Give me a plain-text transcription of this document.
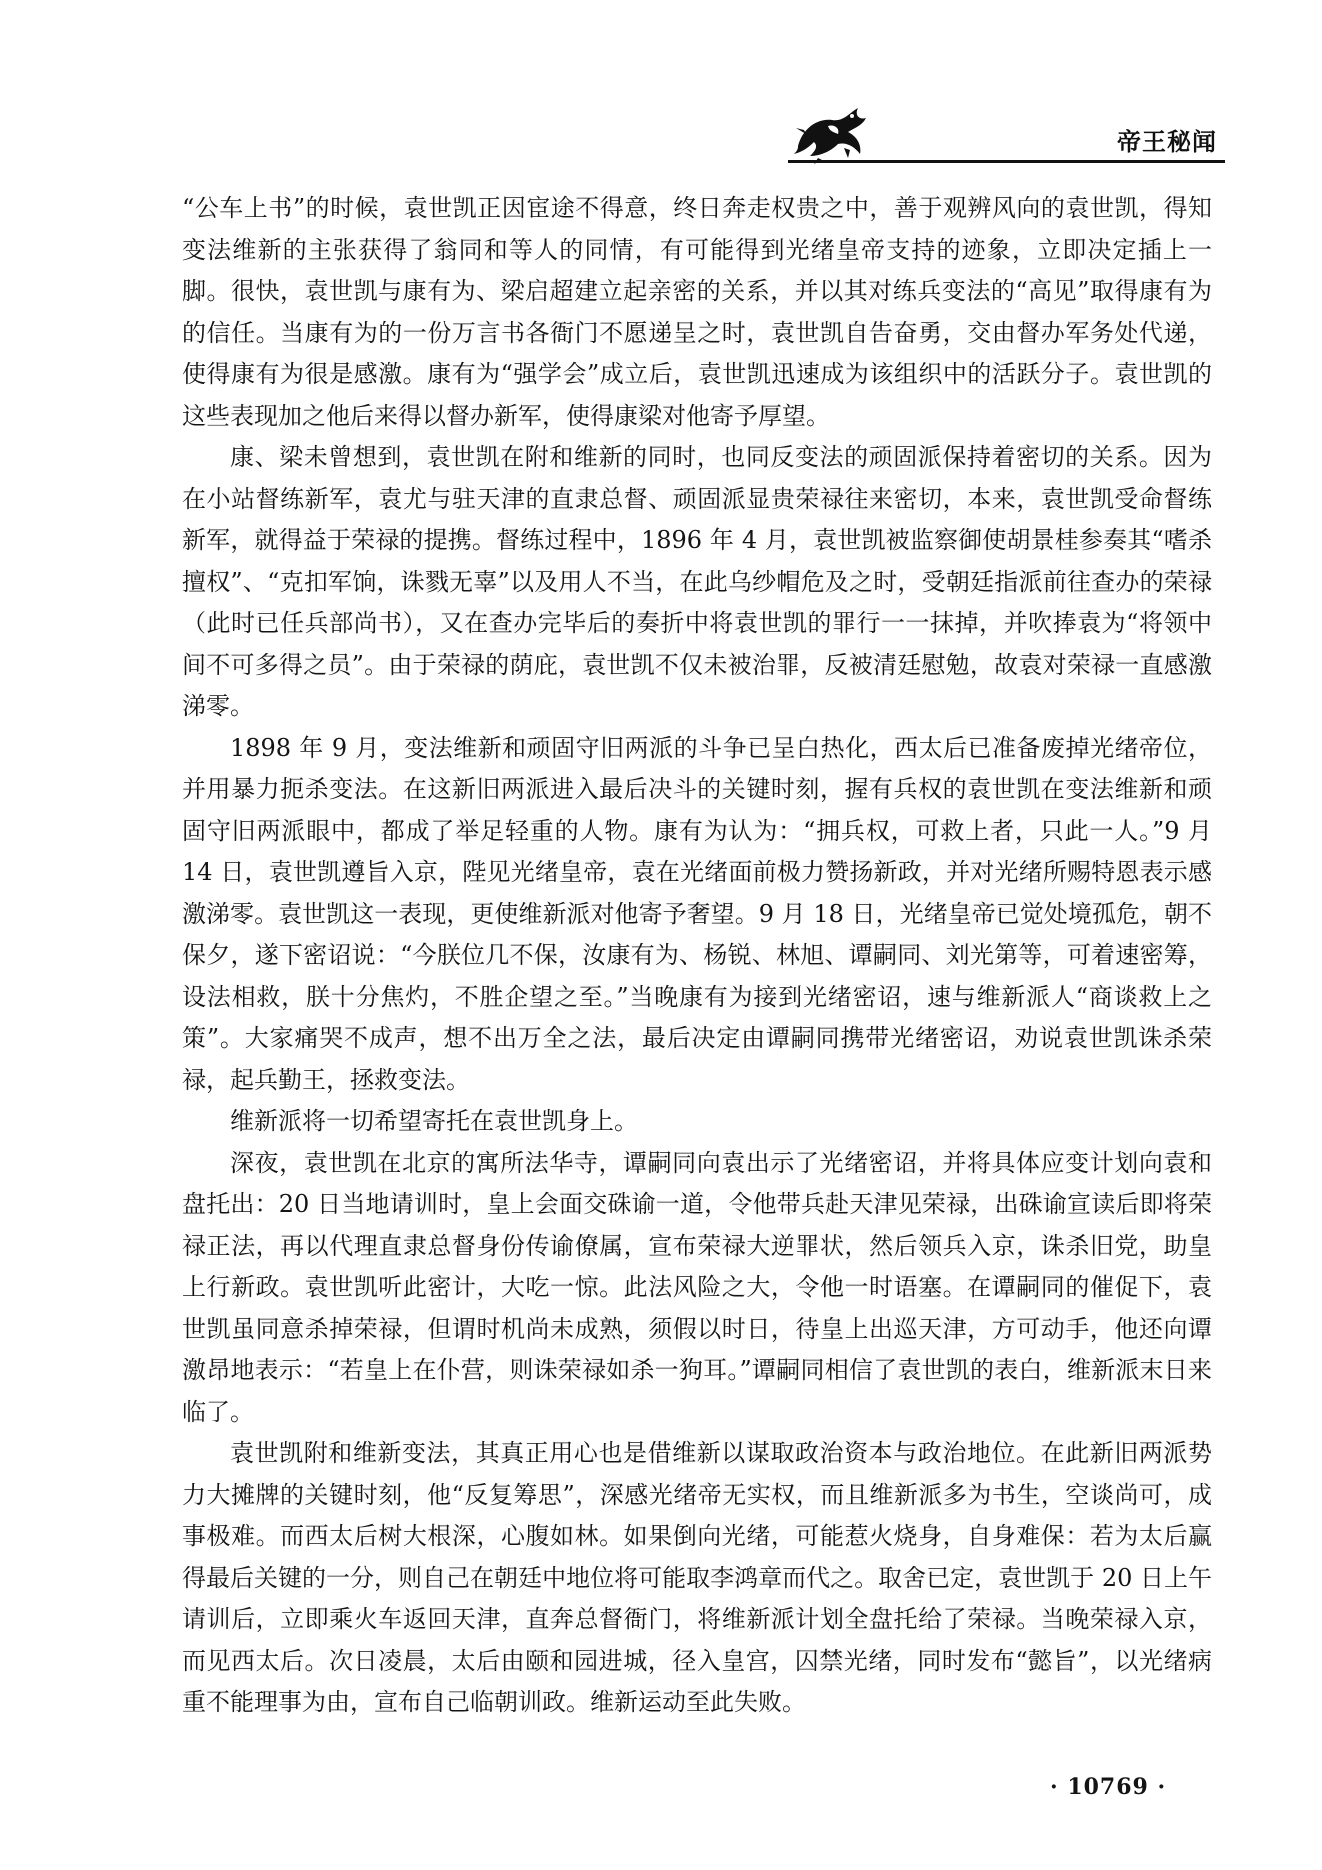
帝王秘闻

“公车上书”的时候，袁世凯正因宦途不得意，终日奔走权贵之中，善于观辨风向的袁世凯，得知变法维新的主张获得了翁同和等人的同情，有可能得到光绪皇帝支持的迹象，立即决定插上一脚。很快，袁世凯与康有为、梁启超建立起亲密的关系，并以其对练兵变法的“高见”取得康有为的信任。当康有为的一份万言书各衙门不愿递呈之时，袁世凯自告奋勇，交由督办军务处代递，使得康有为很是感激。康有为“强学会”成立后，袁世凯迅速成为该组织中的活跃分子。袁世凯的这些表现加之他后来得以督办新军，使得康梁对他寄予厚望。

康、梁未曾想到，袁世凯在附和维新的同时，也同反变法的顽固派保持着密切的关系。因为在小站督练新军，袁尤与驻天津的直隶总督、顽固派显贵荣禄往来密切，本来，袁世凯受命督练新军，就得益于荣禄的提携。督练过程中，1896 年 4 月，袁世凯被监察御使胡景桂参奏其“嗜杀擅权”、“克扣军饷，诛戮无辜”以及用人不当，在此乌纱帽危及之时，受朝廷指派前往查办的荣禄（此时已任兵部尚书），又在查办完毕后的奏折中将袁世凯的罪行一一抹掉，并吹捧袁为“将领中间不可多得之员”。由于荣禄的荫庇，袁世凯不仅未被治罪，反被清廷慰勉，故袁对荣禄一直感激涕零。

1898 年 9 月，变法维新和顽固守旧两派的斗争已呈白热化，西太后已准备废掉光绪帝位，并用暴力扼杀变法。在这新旧两派进入最后决斗的关键时刻，握有兵权的袁世凯在变法维新和顽固守旧两派眼中，都成了举足轻重的人物。康有为认为：“拥兵权，可救上者，只此一人。”9 月 14 日，袁世凯遵旨入京，陛见光绪皇帝，袁在光绪面前极力赞扬新政，并对光绪所赐特恩表示感激涕零。袁世凯这一表现，更使维新派对他寄予奢望。9 月 18 日，光绪皇帝已觉处境孤危，朝不保夕，遂下密诏说：“今朕位几不保，汝康有为、杨锐、林旭、谭嗣同、刘光第等，可着速密筹，设法相救，朕十分焦灼，不胜企望之至。”当晚康有为接到光绪密诏，速与维新派人“商谈救上之策”。大家痛哭不成声，想不出万全之法，最后决定由谭嗣同携带光绪密诏，劝说袁世凯诛杀荣禄，起兵勤王，拯救变法。

维新派将一切希望寄托在袁世凯身上。

深夜，袁世凯在北京的寓所法华寺，谭嗣同向袁出示了光绪密诏，并将具体应变计划向袁和盘托出：20 日当地请训时，皇上会面交硃谕一道，令他带兵赴天津见荣禄，出硃谕宣读后即将荣禄正法，再以代理直隶总督身份传谕僚属，宣布荣禄大逆罪状，然后领兵入京，诛杀旧党，助皇上行新政。袁世凯听此密计，大吃一惊。此法风险之大，令他一时语塞。在谭嗣同的催促下，袁世凯虽同意杀掉荣禄，但谓时机尚未成熟，须假以时日，待皇上出巡天津，方可动手，他还向谭激昂地表示：“若皇上在仆营，则诛荣禄如杀一狗耳。”谭嗣同相信了袁世凯的表白，维新派末日来临了。

袁世凯附和维新变法，其真正用心也是借维新以谋取政治资本与政治地位。在此新旧两派势力大摊牌的关键时刻，他“反复筹思”，深感光绪帝无实权，而且维新派多为书生，空谈尚可，成事极难。而西太后树大根深，心腹如林。如果倒向光绪，可能惹火烧身，自身难保：若为太后赢得最后关键的一分，则自己在朝廷中地位将可能取李鸿章而代之。取舍已定，袁世凯于 20 日上午请训后，立即乘火车返回天津，直奔总督衙门，将维新派计划全盘托给了荣禄。当晚荣禄入京，而见西太后。次日凌晨，太后由颐和园进城，径入皇宫，囚禁光绪，同时发布“懿旨”，以光绪病重不能理事为由，宣布自己临朝训政。维新运动至此失败。

· 10769 ·
